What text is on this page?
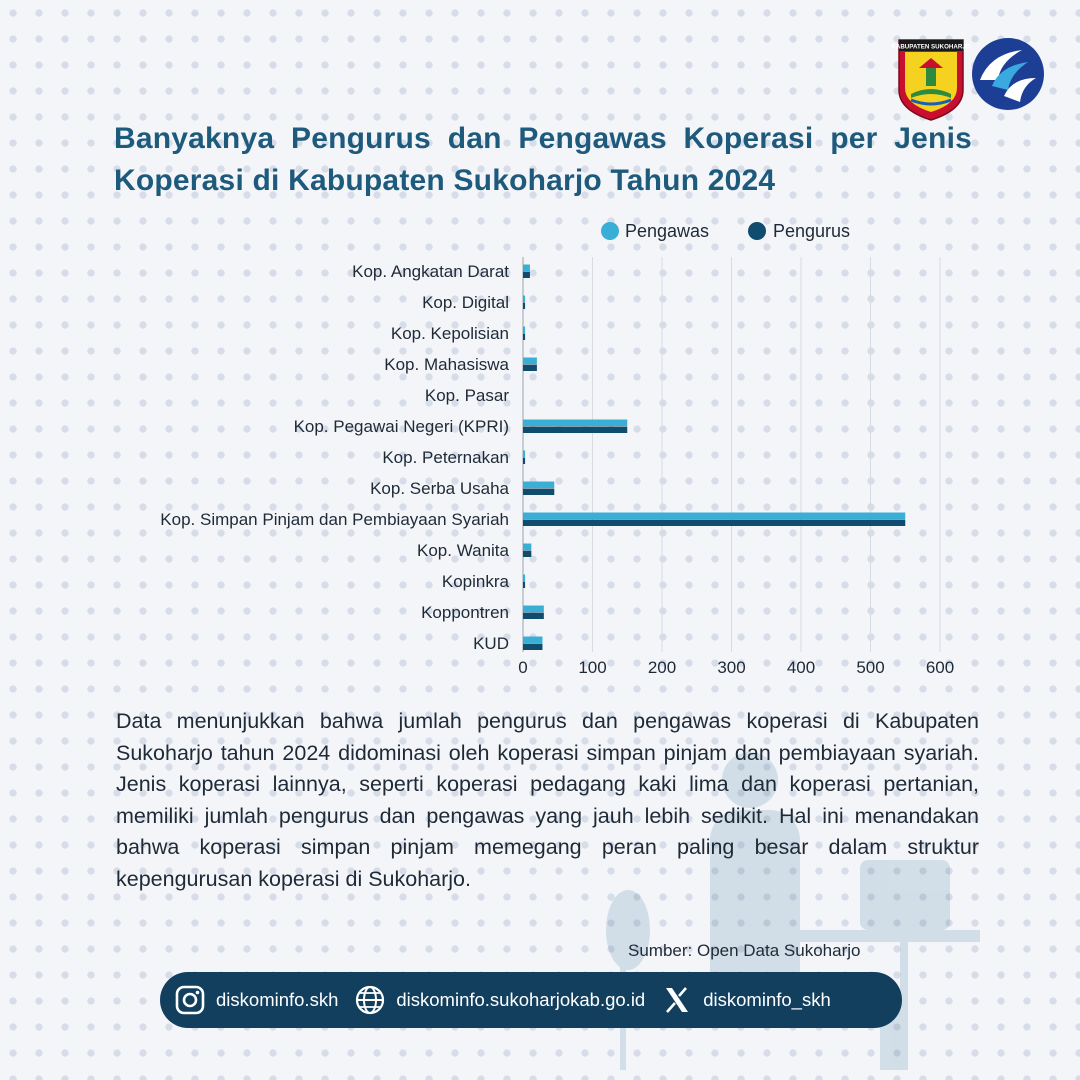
KABUPATEN SUKOHARJO
Banyaknya Pengurus dan Pengawas Koperasi per Jenis Koperasi di Kabupaten Sukoharjo Tahun 2024
Kop. Angkatan Darat
Kop. Digital
Kop. Kepolisian
Kop. Mahasiswa
Kop. Pasar
Kop. Pegawai Negeri (KPRI)
Kop. Peternakan
Kop. Serba Usaha
Kop. Simpan Pinjam dan Pembiayaan Syariah
Kop. Wanita
Kopinkra
Koppontren
KUD
0	100 200 300 400 500 600
Pengawas	Pengurus

Data menunjukkan bahwa jumlah pengurus dan pengawas koperasi di Kabupaten Sukoharjo tahun 2024 didominasi oleh koperasi simpan pinjam dan pembiayaan syariah. Jenis koperasi lainnya, seperti koperasi pedagang kaki lima dan koperasi pertanian, memiliki jumlah pengurus dan pengawas yang jauh lebih sedikit. Hal ini menandakan bahwa koperasi simpan pinjam memegang peran paling besar dalam struktur kepengurusan koperasi di Sukoharjo.

Sumber: Open Data Sukoharjo
diskominfo.skh	diskominfo.sukoharjokab.go.id	diskominfo_skh
